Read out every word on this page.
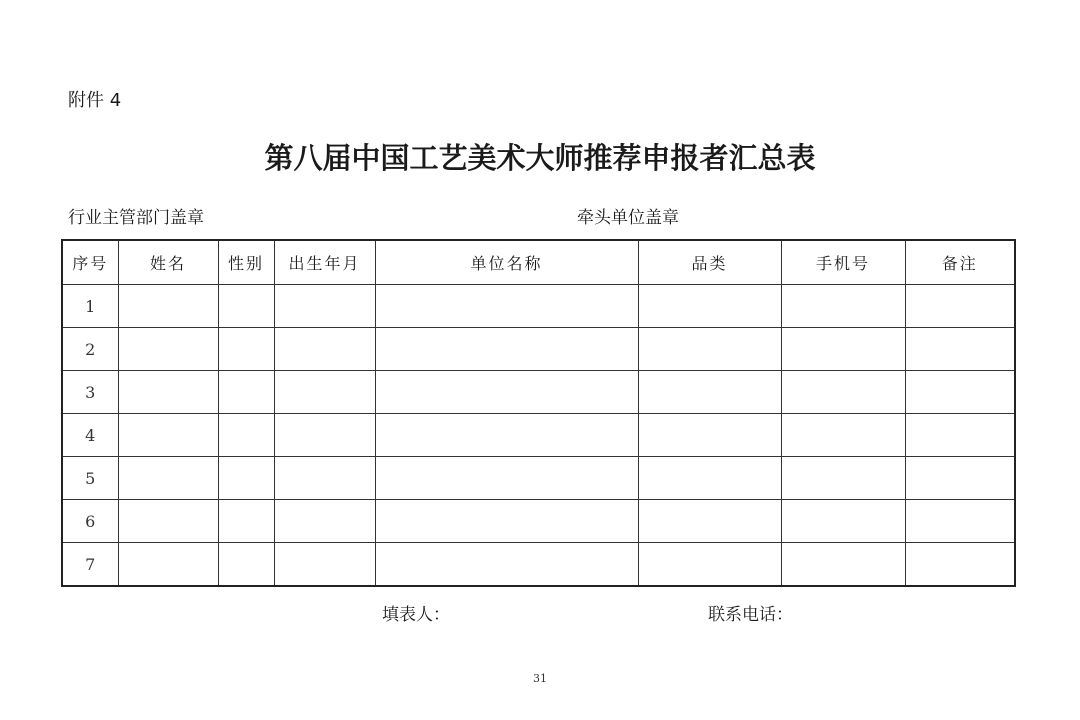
附件 4
第八届中国工艺美术大师推荐申报者汇总表
行业主管部门盖章	牵头单位盖章
序号	姓名	性别	出生年月	单位名称	品类	手机号	备注
1							
2							
3							
4							
5							
6							
7							
填表人：	联系电话：
31
